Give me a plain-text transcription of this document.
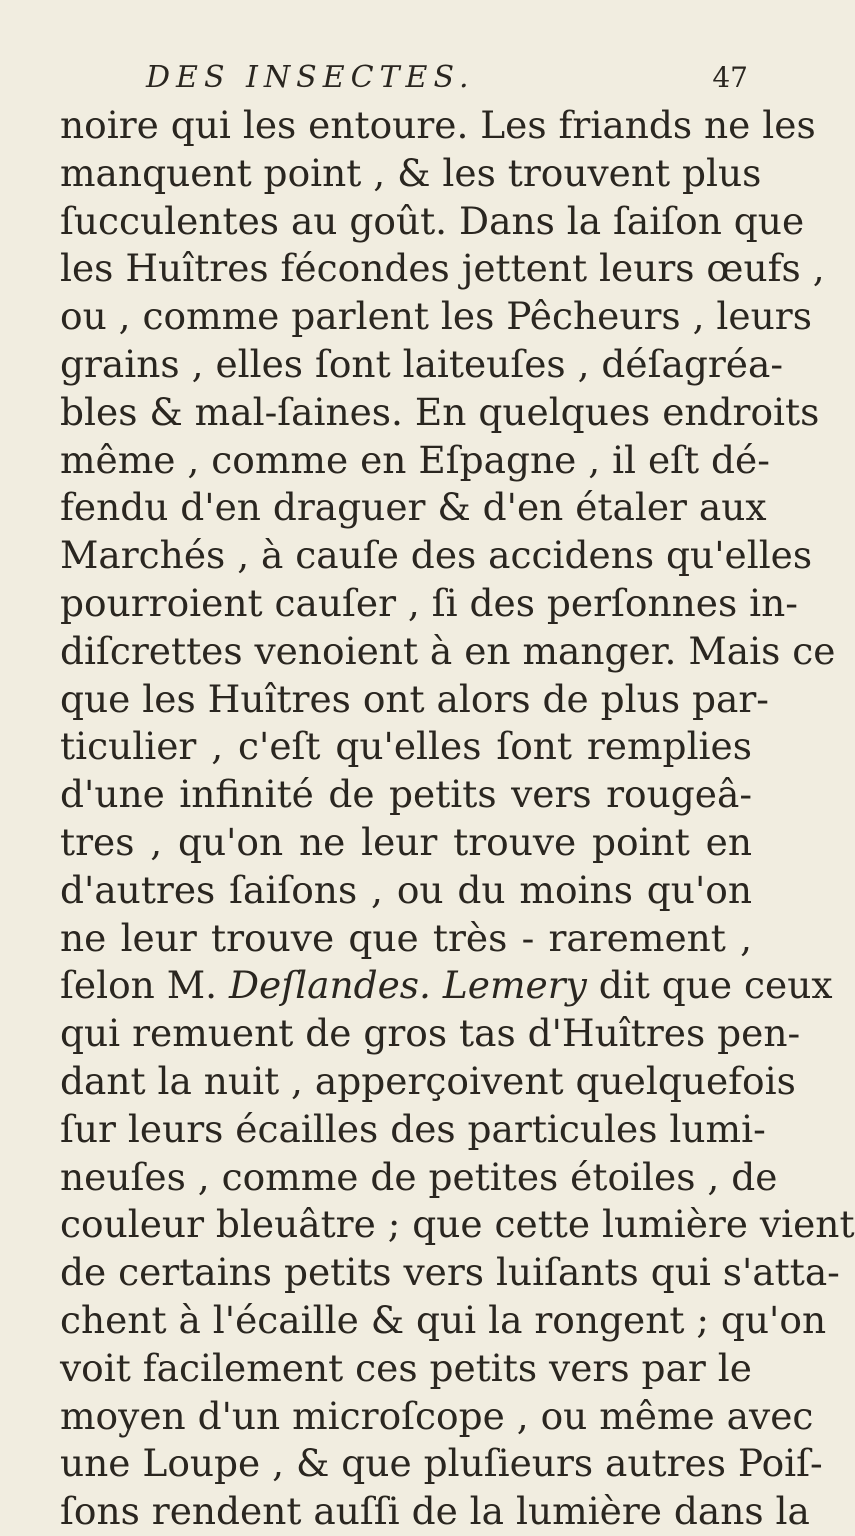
DES INSECTES.	47
noire qui les entoure. Les friands ne les
manquent point , & les trouvent plus
ſucculentes au goût. Dans la ſaiſon que
les Huîtres fécondes jettent leurs œufs ,
ou , comme parlent les Pêcheurs , leurs
grains , elles ſont laiteuſes , déſagréa-
bles & mal-ſaines. En quelques endroits
même , comme en Eſpagne , il eſt dé-
fendu d'en draguer & d'en étaler aux
Marchés , à cauſe des accidens qu'elles
pourroient cauſer , ſi des perſonnes in-
diſcrettes venoient à en manger. Mais ce
que les Huîtres ont alors de plus par-
ticulier , c'eſt qu'elles ſont remplies
d'une infinité de petits vers rougeâ-
tres , qu'on ne leur trouve point en
d'autres ſaiſons , ou du moins qu'on
ne leur trouve que très - rarement ,
ſelon M. Deſlandes. Lemery dit que ceux
qui remuent de gros tas d'Huîtres pen-
dant la nuit , apperçoivent quelquefois
ſur leurs écailles des particules lumi-
neuſes , comme de petites étoiles , de
couleur bleuâtre ; que cette lumière vient
de certains petits vers luiſants qui s'atta-
chent à l'écaille & qui la rongent ; qu'on
voit facilement ces petits vers par le
moyen d'un microſcope , ou même avec
une Loupe , & que pluſieurs autres Poiſ-
ſons rendent auſſi de la lumière dans la
